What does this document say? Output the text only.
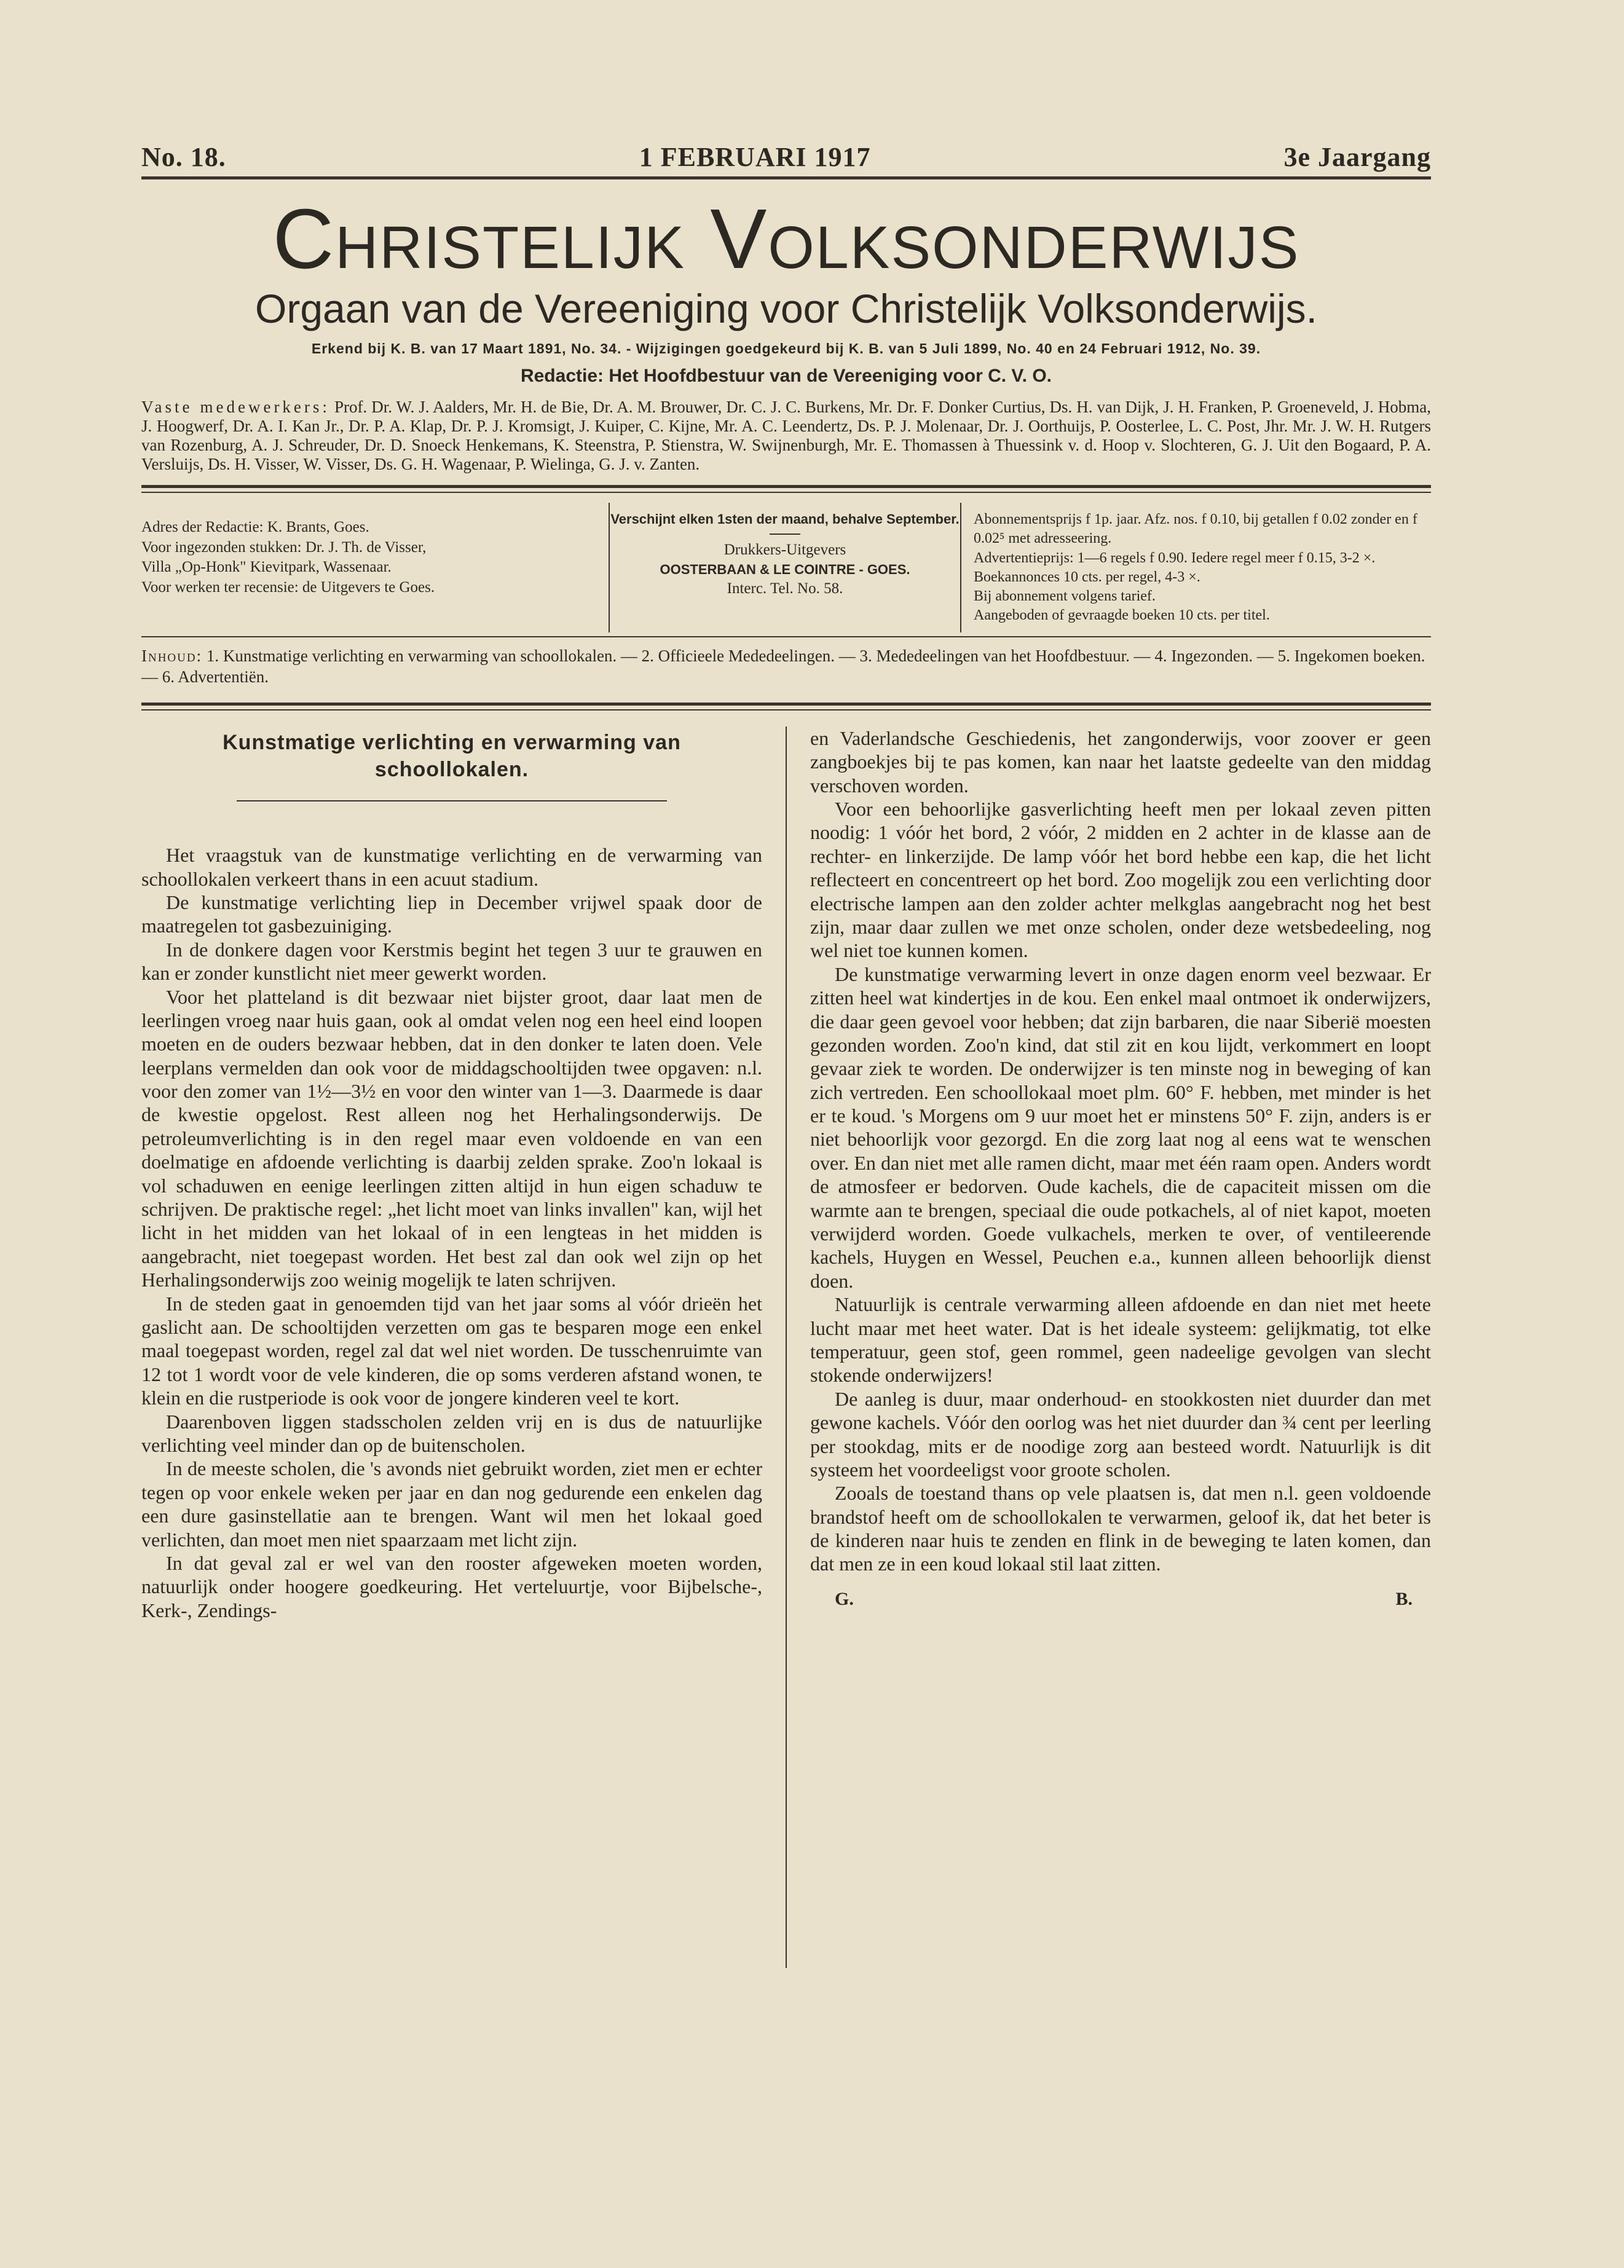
No. 18.	1 FEBRUARI 1917	3e Jaargang
Christelijk Volksonderwijs
Orgaan van de Vereeniging voor Christelijk Volksonderwijs.
Erkend bij K. B. van 17 Maart 1891, No. 34. - Wijzigingen goedgekeurd bij K. B. van 5 Juli 1899, No. 40 en 24 Februari 1912, No. 39.
Redactie: Het Hoofdbestuur van de Vereeniging voor C. V. O.
Vaste medewerkers: Prof. Dr. W. J. Aalders, Mr. H. de Bie, Dr. A. M. Brouwer, Dr. C. J. C. Burkens, Mr. Dr. F. Donker Curtius, Ds. H. van Dijk, J. H. Franken, P. Groeneveld, J. Hobma, J. Hoogwerf, Dr. A. I. Kan Jr., Dr. P. A. Klap, Dr. P. J. Kromsigt, J. Kuiper, C. Kijne, Mr. A. C. Leendertz, Ds. P. J. Molenaar, Dr. J. Oorthuijs, P. Oosterlee, L. C. Post, Jhr. Mr. J. W. H. Rutgers van Rozenburg, A. J. Schreuder, Dr. D. Snoeck Henkemans, K. Steenstra, P. Stienstra, W. Swijnenburgh, Mr. E. Thomassen à Thuessink v. d. Hoop v. Slochteren, G. J. Uit den Bogaard, P. A. Versluijs, Ds. H. Visser, W. Visser, Ds. G. H. Wagenaar, P. Wielinga, G. J. v. Zanten.
Adres der Redactie: K. Brants, Goes.
Voor ingezonden stukken: Dr. J. Th. de Visser,
Villa „Op-Honk" Kievitpark, Wassenaar.
Voor werken ter recensie: de Uitgevers te Goes.
Verschijnt elken 1sten der maand, behalve September.
Drukkers-Uitgevers
OOSTERBAAN & LE COINTRE - GOES.
Interc. Tel. No. 58.
Abonnementsprijs f 1p. jaar. Afz. nos. f 0.10, bij getallen f 0.02 zonder en f 0.02⁵ met adresseering.
Advertentieprijs: 1—6 regels f 0.90. Iedere regel meer f 0.15, 3-2 ×. Boekannonces 10 cts. per regel, 4-3 ×.
Bij abonnement volgens tarief.
Aangeboden of gevraagde boeken 10 cts. per titel.
Inhoud: 1. Kunstmatige verlichting en verwarming van schoollokalen. — 2. Officieele Mededeelingen. — 3. Mededeelingen van het Hoofdbestuur. — 4. Ingezonden. — 5. Ingekomen boeken. — 6. Advertentiën.
Kunstmatige verlichting en verwarming van
schoollokalen.

Het vraagstuk van de kunstmatige verlichting en de verwarming van schoollokalen verkeert thans in een acuut stadium.

De kunstmatige verlichting liep in December vrijwel spaak door de maatregelen tot gasbezuiniging.

In de donkere dagen voor Kerstmis begint het tegen 3 uur te grauwen en kan er zonder kunstlicht niet meer gewerkt worden.

Voor het platteland is dit bezwaar niet bijster groot, daar laat men de leerlingen vroeg naar huis gaan, ook al omdat velen nog een heel eind loopen moeten en de ouders bezwaar hebben, dat in den donker te laten doen. Vele leerplans vermelden dan ook voor de middagschooltijden twee opgaven: n.l. voor den zomer van 1½—3½ en voor den winter van 1—3. Daarmede is daar de kwestie opgelost. Rest alleen nog het Herhalingsonderwijs. De petroleumverlichting is in den regel maar even voldoende en van een doelmatige en afdoende verlichting is daarbij zelden sprake. Zoo'n lokaal is vol schaduwen en eenige leerlingen zitten altijd in hun eigen schaduw te schrijven. De praktische regel: „het licht moet van links invallen" kan, wijl het licht in het midden van het lokaal of in een lengteas in het midden is aangebracht, niet toegepast worden. Het best zal dan ook wel zijn op het Herhalingsonderwijs zoo weinig mogelijk te laten schrijven.

In de steden gaat in genoemden tijd van het jaar soms al vóór drieën het gaslicht aan. De schooltijden verzetten om gas te besparen moge een enkel maal toegepast worden, regel zal dat wel niet worden. De tusschenruimte van 12 tot 1 wordt voor de vele kinderen, die op soms verderen afstand wonen, te klein en die rustperiode is ook voor de jongere kinderen veel te kort.

Daarenboven liggen stadsscholen zelden vrij en is dus de natuurlijke verlichting veel minder dan op de buitenscholen.

In de meeste scholen, die 's avonds niet gebruikt worden, ziet men er echter tegen op voor enkele weken per jaar en dan nog gedurende een enkelen dag een dure gasinstellatie aan te brengen. Want wil men het lokaal goed verlichten, dan moet men niet spaarzaam met licht zijn.

In dat geval zal er wel van den rooster afgeweken moeten worden, natuurlijk onder hoogere goedkeuring. Het verteluurtje, voor Bijbelsche-, Kerk-, Zendings-

en Vaderlandsche Geschiedenis, het zangonderwijs, voor zoover er geen zangboekjes bij te pas komen, kan naar het laatste gedeelte van den middag verschoven worden.

Voor een behoorlijke gasverlichting heeft men per lokaal zeven pitten noodig: 1 vóór het bord, 2 vóór, 2 midden en 2 achter in de klasse aan de rechter- en linkerzijde. De lamp vóór het bord hebbe een kap, die het licht reflecteert en concentreert op het bord. Zoo mogelijk zou een verlichting door electrische lampen aan den zolder achter melkglas aangebracht nog het best zijn, maar daar zullen we met onze scholen, onder deze wetsbedeeling, nog wel niet toe kunnen komen.

De kunstmatige verwarming levert in onze dagen enorm veel bezwaar. Er zitten heel wat kindertjes in de kou. Een enkel maal ontmoet ik onderwijzers, die daar geen gevoel voor hebben; dat zijn barbaren, die naar Siberië moesten gezonden worden. Zoo'n kind, dat stil zit en kou lijdt, verkommert en loopt gevaar ziek te worden. De onderwijzer is ten minste nog in beweging of kan zich vertreden. Een schoollokaal moet plm. 60° F. hebben, met minder is het er te koud. 's Morgens om 9 uur moet het er minstens 50° F. zijn, anders is er niet behoorlijk voor gezorgd. En die zorg laat nog al eens wat te wenschen over. En dan niet met alle ramen dicht, maar met één raam open. Anders wordt de atmosfeer er bedorven. Oude kachels, die de capaciteit missen om die warmte aan te brengen, speciaal die oude potkachels, al of niet kapot, moeten verwijderd worden. Goede vulkachels, merken te over, of ventileerende kachels, Huygen en Wessel, Peuchen e.a., kunnen alleen behoorlijk dienst doen.

Natuurlijk is centrale verwarming alleen afdoende en dan niet met heete lucht maar met heet water. Dat is het ideale systeem: gelijkmatig, tot elke temperatuur, geen stof, geen rommel, geen nadeelige gevolgen van slecht stokende onderwijzers!

De aanleg is duur, maar onderhoud- en stookkosten niet duurder dan met gewone kachels. Vóór den oorlog was het niet duurder dan ¾ cent per leerling per stookdag, mits er de noodige zorg aan besteed wordt. Natuurlijk is dit systeem het voordeeligst voor groote scholen.

Zooals de toestand thans op vele plaatsen is, dat men n.l. geen voldoende brandstof heeft om de schoollokalen te verwarmen, geloof ik, dat het beter is de kinderen naar huis te zenden en flink in de beweging te laten komen, dan dat men ze in een koud lokaal stil laat zitten.

G.	B.
